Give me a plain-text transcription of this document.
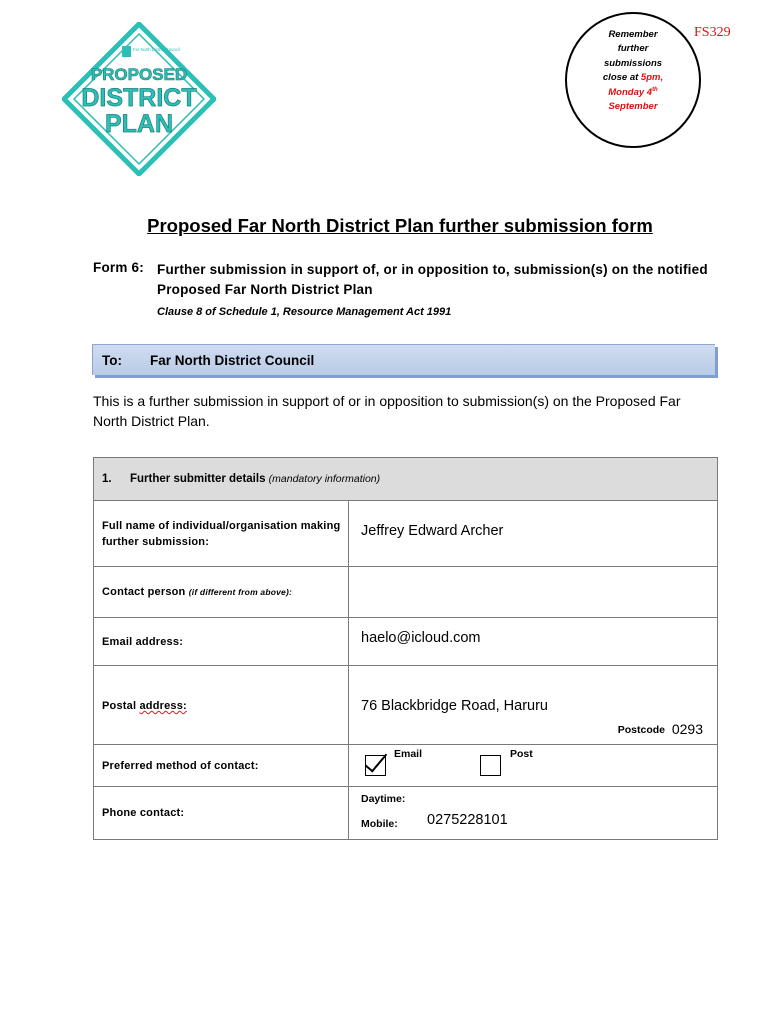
FS329
Remember
further
submissions
close at 5pm,
Monday 4th
September
Far North District Council
PROPOSED
DISTRICT
PLAN
Proposed Far North District Plan further submission form
Form 6: Further submission in support of, or in opposition to, submission(s) on the notified Proposed Far North District Plan
Clause 8 of Schedule 1, Resource Management Act 1991
To:	Far North District Council
This is a further submission in support of or in opposition to submission(s) on the Proposed Far North District Plan.
1. Further submitter details (mandatory information)	
Full name of individual/organisation making further submission:	Jeffrey Edward Archer
Contact person (if different from above):	
Email address:	haelo@icloud.com
Postal address:	76 Blackbridge Road, Haruru
Postcode 0293

Preferred method of contact:	Email Post

Phone contact:	Daytime:
Mobile: 0275228101
